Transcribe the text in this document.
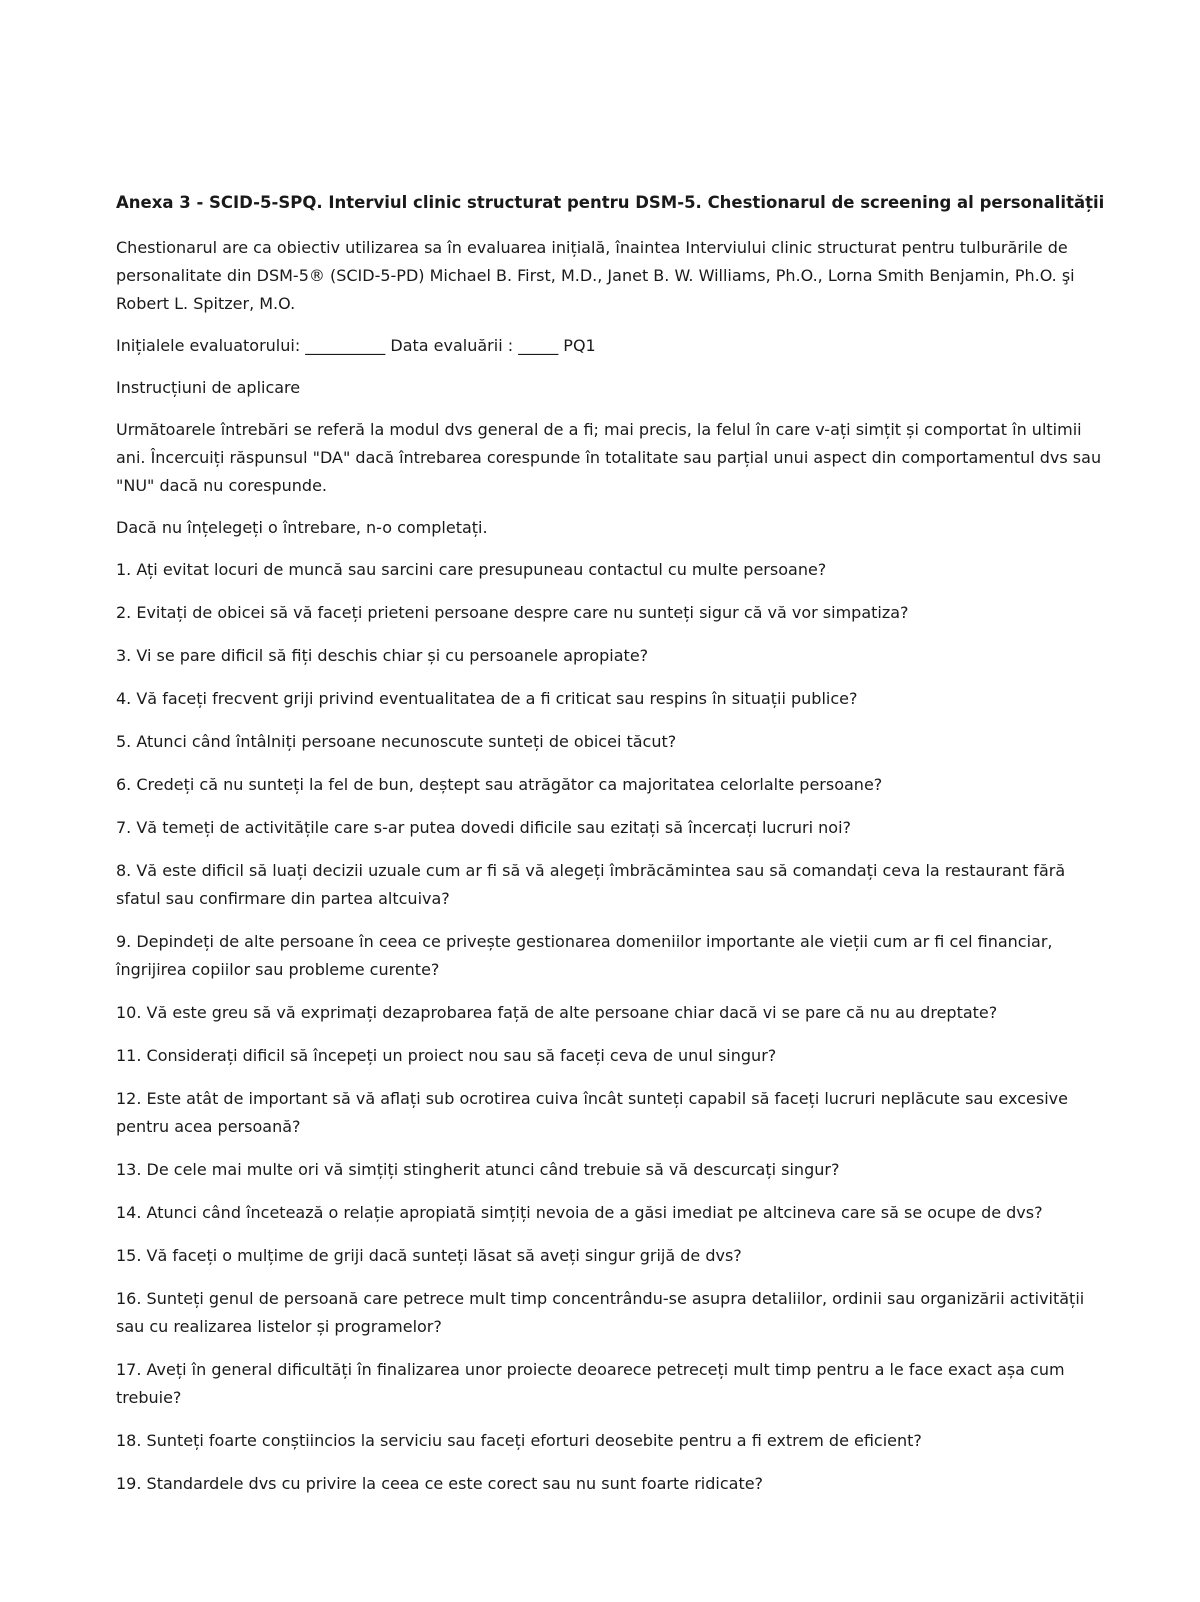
Anexa 3 - SCID-5-SPQ. Interviul clinic structurat pentru DSM-5. Chestionarul de screening al personalității
Chestionarul are ca obiectiv utilizarea sa în evaluarea inițială, înaintea Interviului clinic structurat pentru tulburările de personalitate din DSM-5® (SCID-5-PD) Michael B. First, M.D., Janet B. W. Williams, Ph.O., Lorna Smith Benjamin, Ph.O. şi Robert L. Spitzer, M.O.
Inițialele evaluatorului: __________ Data evaluării : _____ PQ1
Instrucțiuni de aplicare
Următoarele întrebări se referă la modul dvs general de a fi; mai precis, la felul în care v-ați simțit și comportat în ultimii ani. Încercuiți răspunsul "DA" dacă întrebarea corespunde în totalitate sau parțial unui aspect din comportamentul dvs sau "NU" dacă nu corespunde.
Dacă nu înțelegeți o întrebare, n-o completați.
1. Ați evitat locuri de muncă sau sarcini care presupuneau contactul cu multe persoane?
2. Evitați de obicei să vă faceți prieteni persoane despre care nu sunteți sigur că vă vor simpatiza?
3. Vi se pare dificil să fiți deschis chiar și cu persoanele apropiate?
4. Vă faceți frecvent griji privind eventualitatea de a fi criticat sau respins în situații publice?
5. Atunci când întâlniți persoane necunoscute sunteți de obicei tăcut?
6. Credeți că nu sunteți la fel de bun, deștept sau atrăgător ca majoritatea celorlalte persoane?
7. Vă temeți de activitățile care s-ar putea dovedi dificile sau ezitați să încercați lucruri noi?
8. Vă este dificil să luați decizii uzuale cum ar fi să vă alegeți îmbrăcămintea sau să comandați ceva la restaurant fără sfatul sau confirmare din partea altcuiva?
9. Depindeți de alte persoane în ceea ce privește gestionarea domeniilor importante ale vieții cum ar fi cel financiar, îngrijirea copiilor sau probleme curente?
10. Vă este greu să vă exprimați dezaprobarea față de alte persoane chiar dacă vi se pare că nu au dreptate?
11. Considerați dificil să începeți un proiect nou sau să faceți ceva de unul singur?
12. Este atât de important să vă aflați sub ocrotirea cuiva încât sunteți capabil să faceți lucruri neplăcute sau excesive pentru acea persoană?
13. De cele mai multe ori vă simțiți stingherit atunci când trebuie să vă descurcați singur?
14. Atunci când încetează o relație apropiată simțiți nevoia de a găsi imediat pe altcineva care să se ocupe de dvs?
15. Vă faceți o mulțime de griji dacă sunteți lăsat să aveți singur grijă de dvs?
16. Sunteți genul de persoană care petrece mult timp concentrându-se asupra detaliilor, ordinii sau organizării activității sau cu realizarea listelor și programelor?
17. Aveți în general dificultăți în finalizarea unor proiecte deoarece petreceți mult timp pentru a le face exact așa cum trebuie?
18. Sunteți foarte conștiincios la serviciu sau faceți eforturi deosebite pentru a fi extrem de eficient?
19. Standardele dvs cu privire la ceea ce este corect sau nu sunt foarte ridicate?
